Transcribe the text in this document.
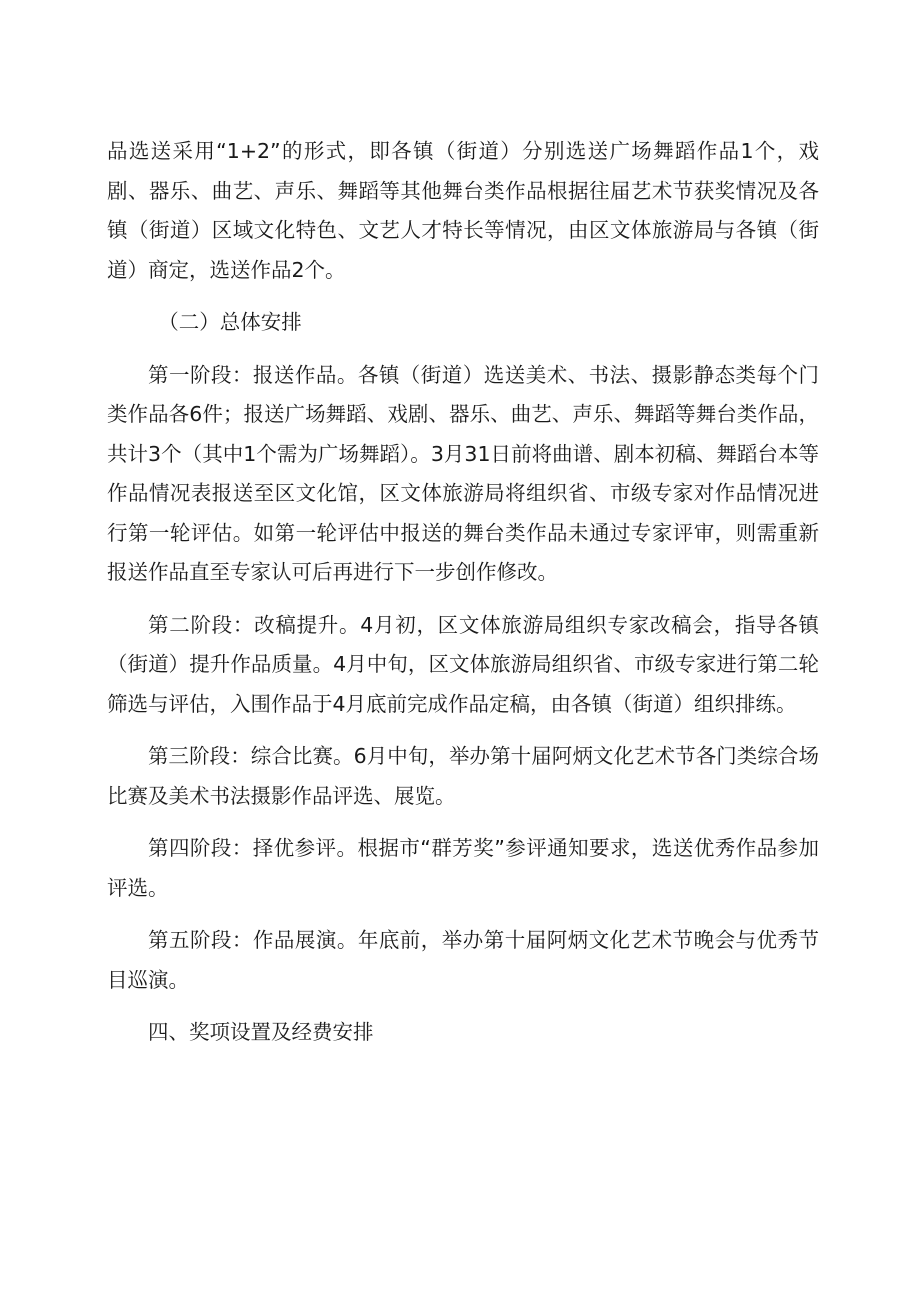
品选送采用“1+2”的形式，即各镇（街道）分别选送广场舞蹈作品1个，戏剧、器乐、曲艺、声乐、舞蹈等其他舞台类作品根据往届艺术节获奖情况及各镇（街道）区域文化特色、文艺人才特长等情况，由区文体旅游局与各镇（街道）商定，选送作品2个。

（二）总体安排

第一阶段：报送作品。各镇（街道）选送美术、书法、摄影静态类每个门类作品各6件；报送广场舞蹈、戏剧、器乐、曲艺、声乐、舞蹈等舞台类作品，共计3个（其中1个需为广场舞蹈）。3月31日前将曲谱、剧本初稿、舞蹈台本等作品情况表报送至区文化馆，区文体旅游局将组织省、市级专家对作品情况进行第一轮评估。如第一轮评估中报送的舞台类作品未通过专家评审，则需重新报送作品直至专家认可后再进行下一步创作修改。

第二阶段：改稿提升。4月初，区文体旅游局组织专家改稿会，指导各镇（街道）提升作品质量。4月中旬，区文体旅游局组织省、市级专家进行第二轮筛选与评估，入围作品于4月底前完成作品定稿，由各镇（街道）组织排练。

第三阶段：综合比赛。6月中旬，举办第十届阿炳文化艺术节各门类综合场比赛及美术书法摄影作品评选、展览。

第四阶段：择优参评。根据市“群芳奖”参评通知要求，选送优秀作品参加评选。

第五阶段：作品展演。年底前，举办第十届阿炳文化艺术节晚会与优秀节目巡演。

四、奖项设置及经费安排
